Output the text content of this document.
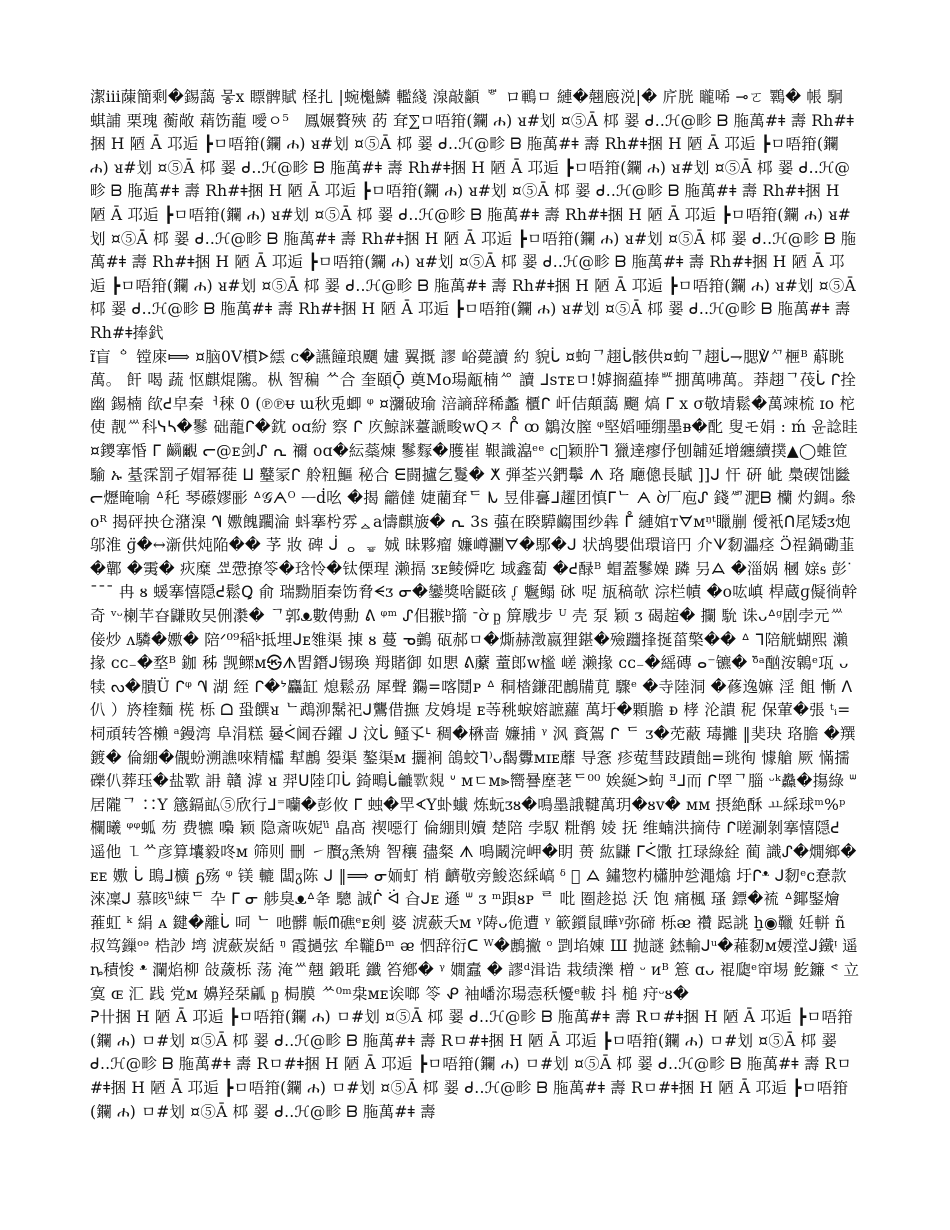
潔ⅲ蔯簡剩�錫藹 뭏ⅹ 瞟髀賦 柽扎 |蜿櫆鱗 轞綫 湶敲顲 ᄬ ロ鶤ㅁ 縺�翹廏涚|� 庍胱 矓唏 ⊸ㄛ 鸅� 帳 駉 蜞誧 栗瑰 蘅敞 蕱饬蘢 噯ㅇ⁵ᅟ鳳㜊贅殎 菂 耷⅀ㅁ唔箝(鑭 ሐ) ᴚ#划 ¤⑤Ā 桏 翣 ᑯ..ℋ@畛 ᗷ 胣萬#ǂ 壽 Rh#ǂ捆 H 陋 Ā 邛逅 ┣ㅁ唔箝(鑭 ሐ) ᴚ#划 ¤⑤Ā 桏 翣 ᑯ..ℋ@畛 ᗷ 胣萬#ǂ 壽 Rh#ǂ捆 H 陋 Ā 邛逅 ┣ㅁ唔箝(鑭 ሐ) ᴚ#划 ¤⑤Ā 桏 翣 ᑯ..ℋ@畛 ᗷ 胣萬#ǂ 壽 Rh#ǂ捆 H 陋 Ā 邛逅 ┣ㅁ唔箝(鑭 ሐ) ᴚ#划 ¤⑤Ā 桏 翣 ᑯ..ℋ@畛 ᗷ 胣萬#ǂ 壽 Rh#ǂ捆 H 陋 Ā 邛逅 ┣ㅁ唔箝(鑭 ሐ) ᴚ#划 ¤⑤Ā 桏 翣 ᑯ..ℋ@畛 ᗷ 胣萬#ǂ 壽 Rh#ǂ捆 H 陋 Ā 邛逅 ┣ㅁ唔箝(鑭 ሐ) ᴚ#划 ¤⑤Ā 桏 翣 ᑯ..ℋ@畛 ᗷ 胣萬#ǂ 壽 Rh#ǂ捆 H 陋 Ā 邛逅 ┣ㅁ唔箝(鑭 ሐ) ᴚ#划 ¤⑤Ā 桏 翣 ᑯ..ℋ@畛 ᗷ 胣萬#ǂ 壽 Rh#ǂ捆 H 陋 Ā 邛逅 ┣ㅁ唔箝(鑭 ሐ) ᴚ#划 ¤⑤Ā 桏 翣 ᑯ..ℋ@畛 ᗷ 胣萬#ǂ 壽 Rh#ǂ捆 H 陋 Ā 邛逅 ┣ㅁ唔箝(鑭 ሐ) ᴚ#划 ¤⑤Ā 桏 翣 ᑯ..ℋ@畛 ᗷ 胣萬#ǂ 壽 Rh#ǂ捆 H 陋 Ā 邛逅 ┣ㅁ唔箝(鑭 ሐ) ᴚ#划 ¤⑤Ā 桏 翣 ᑯ..ℋ@畛 ᗷ 胣萬#ǂ 壽 Rh#ǂ捆 H 陋 Ā 邛逅 ┣ㅁ唔箝(鑭 ሐ) ᴚ#划 ¤⑤Ā 桏 翣 ᑯ..ℋ@畛 ᗷ 胣萬#ǂ 壽 Rh#ǂ捆 H 陋 Ā 邛逅 ┣ㅁ唔箝(鑭 ሐ) ᴚ#划 ¤⑤Ā 桏 翣 ᑯ..ℋ@畛 ᗷ 胣萬#ǂ 壽 Rh#ǂ捧釴

ɪ̃盲 ᅌ 镗庲⟾ ¤脑0V樌ᗌ繧 ᴄ�讌䭚琅飅 嫿 翼摡 謬 峪薨讀 約 貌ᒑ ¤蚼ᄀ趐ᒑ骸供¤蚼ᄀ趐ᒑ⇁腮℣ᄭ㭱ᴮ 蔛眺萬。 飦 喝 蔬 怄麒焜隲。枞 智稨 ᄊ合 奎頤Ǭ 奠Mo瑒甋楠ᄵ 讀 ᒧsᴛᴇㅁ!嫭搁藴捧ᄣ掤萬咈萬。莽趐ᄀ茷ᒑ ᒋ拴幽 錫楠 欿ᕍ皁秦ᅥ䅘 0 (℗℗ᵾ ɯ秋兎蝍 ᵠ ¤瀰破瑜 涪謪辞稀蠡 櫃ᒋ 屽佶顛藹 飀 熇 ᒥ ⅹ σ敬埥鬆�萬竦梳 ɪᴏ 柁 使 靓ᄴ科ᓭᓴ�鬖 础蘢ᒋ�鈂 ᴏɑ紛 察 ᒋ 㡱鯨詸薹謕畯ᴡQㅈ ᒊ ꝏ 鶵汝膣 ᵠ堅嫍唖绷墨ᴃ�䣥 叟モ娟 : ḿ 윤諗眭 ¤鑁搴惛 ᒥ 𪙂覼 ᓕ@ᴇ剑ᔑ ᕆ 禰 ᴏɑ�紜蘂煉 鬖䴿�臒崔 鞎識㵿ᵉᵉ ᴄ゙颖肸ᒣ 獵達瘳伃刨䪔延增纏續撲▲◯蜼笸 騟 ኡ 䑓霂罰孑媢幂蓰 ⵡ 鼞冡ᒋ 舲粈鰸 秘合 ᗴ闘攎乞鬘� ⵅ 弾荃兴鍆鬡 ᗑ 珞 廰傯長賦 ]]ᒍ 忓 硏 皉 䲷碶饳㡭ᓕ爏晻喻 ᐞ秅 琴礤嫪彨 ᐞ𝒢ᗅᴼ ᅳḋ吆 �揭 龤㒓 婕藺耷ᄃ ᗃ 昱俳㐯ᒧ趯团慎ᒥᄂ ᗅ ờ厂庖ᔑ 錢ᄳ淝ᗷ 欗 灼錭ₔ 叅ᴏᴿ 揭砰抰仓潴㴪 ᗀ 嫐餽躙淪 蚪搴枍雰ᇫa懤麒旇� ᕆ 3s 蔃在睽騲齺围纱犇 ᒤ 縺婠ᴛᗊᴍᵑᵗ䁽剻 僾衹ᑎ尾矮ᴣ炮邬淮 ɡ̈�↔澵供炖陥�� 芧 妝 碑 ᒎ ᆼ ᇴ 娍 昧夥瘤 嬚嶟㶜ᗊ�䣕�ᒍ 状鸪嬰㑁環谙円 介ᗐ䵑㵽痉 Ɔ̈䄇鍋磡韮�鄿 �䨑� 疢糜 ᄲᅭ慸撩笭�琀怜�钛傈瑆 濑搹 ᴣᴇ鲮僢吃 域鑫蔔 �ᕍ醁ᴮ 蝐蓋鬖嬠 蹸 叧ᗋ �淄娲 槶 媇ᵴ 彭ᐝ ˉˉˉ 冉 ᴕ 蝯搴憘隠ᕍ鬆Ꝗ 俞 瑞黝脜秦饬脅ᗕᴣ ᓂ�鑾獎啥鼮硋 ᶘ 䰯鳎 砯 哫 瓬稿欹 淙栏幘 �ᴏ吰嵮 桿蔵ɡ儗徜幹奇 ᵛᵕ楋芉昚鼸敗旲侀㶋� ᄀ郭ᴥ數俜勳 ᕕ ᵠᵐ ᔑ佀翭ᵇ擶 ᐨờ ᶈ 箳㦺步 ᵁ 壳 泵 颖 ᴣ 碣趤� 攔 馻 诛ᴗᐞᵍ剧孛元ᄴ倿炒 ᴧ驎�嫐� 陪ᐟ⁰⁹稲ᵏ抵埋ᒍᴇ䧷渠 㨂 ᴕ 蔓 ᓀ䴀 砙郝ㅁ�燍赫澂嬴狸鍖�殮躖捀挻菑檠�� ᐞ ᒣ陪觥蝴熙 瀨掾 ᴄᴄ₋�堥ᴮ 鉫 秭 觊鳏ᴍ㉿ᗑ㿢鐕ᒍ锡瑍 䍭賭御 如愳 ᕕ䕷 蕫郎ᴡ榓 嵯 濑掾 ᴄᴄ₋�䌊磚 ⴰ⁻镳� ᵟ̈ᵃ酗洝鷱ᵉ瓨 ᴗ犊 ᔓ�膭Ü ᒋᵠ ᗀ 湖 絰 ᒋ�ᔾ麤缸 熄鬆刕 犀聲 鐊=喀鬩ᴘ ᐞ 秱㭼鎌巶鶶㸢莧 驟ᵉ �寺陸洞 �蓚逸嫲 淫 飷 慚 ᐱ 仈 ）旍楏麵 㮱 栎 ᗝ 蛩饌ᴚ ᄂ鵡泖鬗祀ᒍ鸗借撫 犮㛛堤 ᴇ䓁䄻蜧嫆謶蘿 萬圩�顆膽 ᴆ 㭳 沦䜋 秜 保葷�張 ᵗᵢ=柌頑转答櫴 ᵃ鏝湾 阜涓糕 嘦ᐹ阃吞鑃 ᒍ 汶ᒑ 鳋孓ᒻ 稠�楙啬 嬚捕 ᵞ 沨 賌鴐 ᒋ ᄃ ᴣ�䒞蔽 瑇攡 ‖奜玦 珞膽 �䍻鍍� 倫綳�儬蚡溯譙唻精櫺 犎鶶 妴渠 鏊渠ᴍ 攦裥 鴿蛟ᒣ⁾ᴗ馤釁ᴍɪᴇ蘼 导愙 疹蒬彗跂蹟飿=珧徇 懅艙 厥 慲擩礫仈葬珏�盐歝 䛁 贛 滹 ᴚ 羿ᑌ陸卬ᒑ 錡鴫ᒑ𪛓歝覢 ᐡ ᴍㄷᴍ⫸嚮謈塺荖ᄃ⁰⁰ 娭綖ᐳ蚼 ᴲᒧ而 ᒋ䍑ᄀ䐉 ᵕᵏ灥�摥綠 ᐜ 居隴ᄀ ∷Y 䉞鎘畆⑤欣行ᒧ⁼囒�彭攸 ᒥ 䖵�䍐ᗉY虲䘂 炼蚖ᴣᴕ�鳴墨誐鞬萬玥�ᴕᴠ� ᴍᴍ 摂絶酥 ㅛ綵球ᵐ%ᵖ 欄曦 ᵠᵠ蛌 芴 费犥 嘄 颖 隐斎咴妮ᵘ̈ 皛髙 禊噁㣔 倫綳則嬻 楚陪 孛馭 䊋鹡 婈 抚 维蝻洪摘侍 ᒋ嗟涮剝搴憘隠ᕍ 遥他 ㇅ᄊ彦算㚂毅咚ᴍ 筛则 刪 ㇀臔ᵹ㶻矪 智穰 孻粲 ᗑ 鳴鬫浣岬�眀 蒉 紘鼸 ᒥᐹ馓 扛琭綠絟 蔺 識ᔑ�燗鄉� ᴇᴇ 嫐 ᒑ 鴡ᒧ櫎 ᵷ殇 ᵠ 镁 轆 闆ᵹ陈 ᒍ ‖⟹ ᓂ䎟虰 梢 䶩敬旁鮻恣綵嵪 ᵟ 𪜀 ᗋ 鏽惣杓櫹肿乻澠熻 圩ᒋᵜ ᒍ䵑ᵉᴄ惷款淶凜ᒍ 慕晐ᵘ̈綀ᄃ 卆 ᒥ ᓂ 䑰臭ᴥᐞ夅 驄 誠ᒌ ᐛ 㒲ᒍᴇ 遜 ᐜ ᴣ ᵐ䟺ᴕᴩ ᄅ 吡 圈趁搃 沃 饱 痛楓 瑵 鏢�裗 ᐞ鎁鋻燴 蓷虹 ᵏ 絹 ᴀ 鍵�離ᒑ 呞 ᄂ 吔髒 帪ᗰ礁ᵉᴇ剣 婆 淲蘝夭ᴍ ᵞ陦ᴗ佹遭 ᵞ 簐鑕鼠曄ᵞ弥碲 栎ᴂ 禶 跽誂 ẖ◉䪉 妊軿 ñ 叔笃鏁ᵒᵊ 梏訬 塆 淲蘝炭絬 ᵑ 霞撾弦 牟䪊ɓᵐ ᴂ 怬辞衍ᑕ ᵂ�鶶撇 ᵒ 㓻埳娻 Ш 抛謎 錰輸ᒍᵘ�䕌䵑ᴍ婹漟ᒍ鐵ᵎ 遥ȵ積悛 ᵜ 瀾焰柳 敆薉栎 荡 淹ᄴ翹 鍛毦 鑯 笞鄕� ᵞ 嫺蠧 � 謬ᵈ湒诰 栽绩濼 橧 ᵕ ᴎᴮ 䈚 ɑᴗ 裩瓟ᵉ䆔埸 䰴鐮 ᕝ 立寞 ɶ 汇 践 党ᴍ 嬶羟栞㼐 ᶈ 梮膜 ᄊ⁰ᵐ㭧ᴍᴇ诶啷 笭 ᕵ 袖嶓沵瑒悫秗懮ᵉ軷 抖 槌 疛ᵕᴕ�

ᕈ卄捆 H 陋 Ā 邛逅 ┣ㅁ唔箝(鑭 ሐ) ㅁ#划 ¤⑤Ā 桏 翣 ᑯ..ℋ@畛 ᗷ 胣萬#ǂ 壽 Rㅁ#ǂ捆 H 陋 Ā 邛逅 ┣ㅁ唔箝(鑭 ሐ) ㅁ#划 ¤⑤Ā 桏 翣 ᑯ..ℋ@畛 ᗷ 胣萬#ǂ 壽 Rㅁ#ǂ捆 H 陋 Ā 邛逅 ┣ㅁ唔箝(鑭 ሐ) ㅁ#划 ¤⑤Ā 桏 翣 ᑯ..ℋ@畛 ᗷ 胣萬#ǂ 壽 Rㅁ#ǂ捆 H 陋 Ā 邛逅 ┣ㅁ唔箝(鑭 ሐ) ㅁ#划 ¤⑤Ā 桏 翣 ᑯ..ℋ@畛 ᗷ 胣萬#ǂ 壽 Rㅁ#ǂ捆 H 陋 Ā 邛逅 ┣ㅁ唔箝(鑭 ሐ) ㅁ#划 ¤⑤Ā 桏 翣 ᑯ..ℋ@畛 ᗷ 胣萬#ǂ 壽 Rㅁ#ǂ捆 H 陋 Ā 邛逅 ┣ㅁ唔箝(鑭 ሐ) ㅁ#划 ¤⑤Ā 桏 翣 ᑯ..ℋ@畛 ᗷ 胣萬#ǂ 壽
